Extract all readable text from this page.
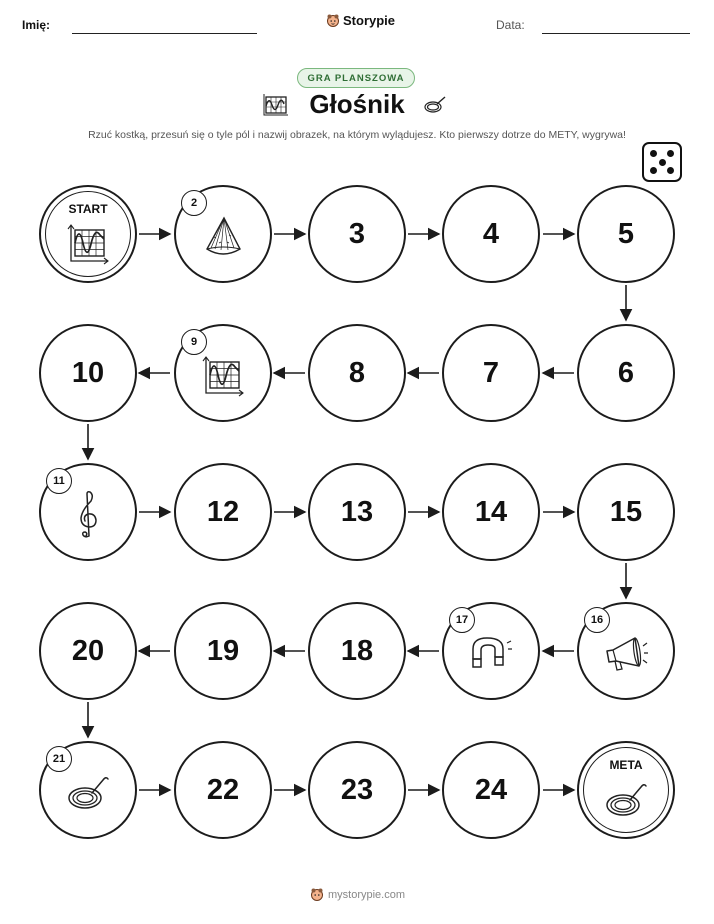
Imię:	Storypie	Data:
GRA PLANSZOWA
Głośnik
Rzuć kostką, przesuń się o tyle pól i nazwij obrazek, na którym wylądujesz. Kto pierwszy dotrze do METY, wygrywa!
START	2
3	4	5
6
7
8
9
10
11
12	13	14	15
16
17
18
19
20
21
22	23	24
META
mystorypie.com
